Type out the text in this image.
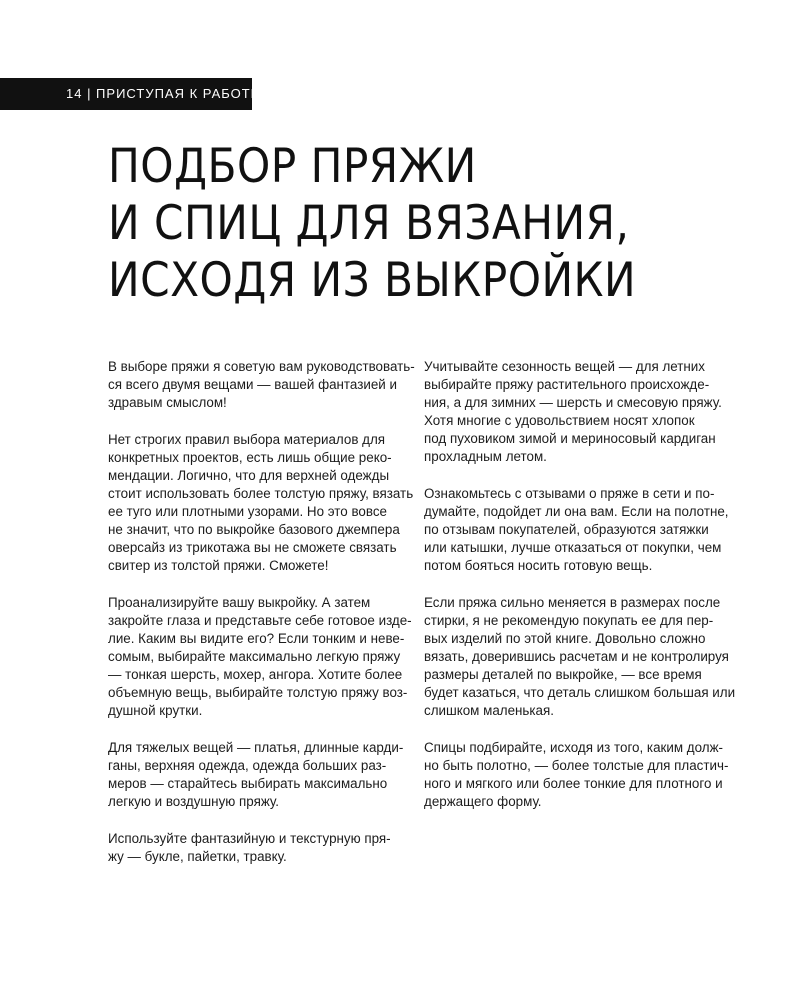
14 | ПРИСТУПАЯ К РАБОТЕ
ПОДБОР ПРЯЖИ
И СПИЦ ДЛЯ ВЯЗАНИЯ,
ИСХОДЯ ИЗ ВЫКРОЙКИ

В выборе пряжи я советую вам руководствовать-
ся всего двумя вещами — вашей фантазией и
здравым смыслом!

Нет строгих правил выбора материалов для
конкретных проектов, есть лишь общие реко-
мендации. Логично, что для верхней одежды
стоит использовать более толстую пряжу, вязать
ее туго или плотными узорами. Но это вовсе
не значит, что по выкройке базового джемпера
оверсайз из трикотажа вы не сможете связать
свитер из толстой пряжи. Сможете!

Проанализируйте вашу выкройку. А затем
закройте глаза и представьте себе готовое изде-
лие. Каким вы видите его? Если тонким и неве-
сомым, выбирайте максимально легкую пряжу
— тонкая шерсть, мохер, ангора. Хотите более
объемную вещь, выбирайте толстую пряжу воз-
душной крутки.

Для тяжелых вещей — платья, длинные карди-
ганы, верхняя одежда, одежда больших раз-
меров — старайтесь выбирать максимально
легкую и воздушную пряжу.

Используйте фантазийную и текстурную пря-
жу — букле, пайетки, травку.

Учитывайте сезонность вещей — для летних
выбирайте пряжу растительного происхожде-
ния, а для зимних — шерсть и смесовую пряжу.
Хотя многие с удовольствием носят хлопок
под пуховиком зимой и мериносовый кардиган
прохладным летом.

Ознакомьтесь с отзывами о пряже в сети и по-
думайте, подойдет ли она вам. Если на полотне,
по отзывам покупателей, образуются затяжки
или катышки, лучше отказаться от покупки, чем
потом бояться носить готовую вещь.

Если пряжа сильно меняется в размерах после
стирки, я не рекомендую покупать ее для пер-
вых изделий по этой книге. Довольно сложно
вязать, доверившись расчетам и не контролируя
размеры деталей по выкройке, — все время
будет казаться, что деталь слишком большая или
слишком маленькая.

Спицы подбирайте, исходя из того, каким долж-
но быть полотно, — более толстые для пластич-
ного и мягкого или более тонкие для плотного и
держащего форму.
